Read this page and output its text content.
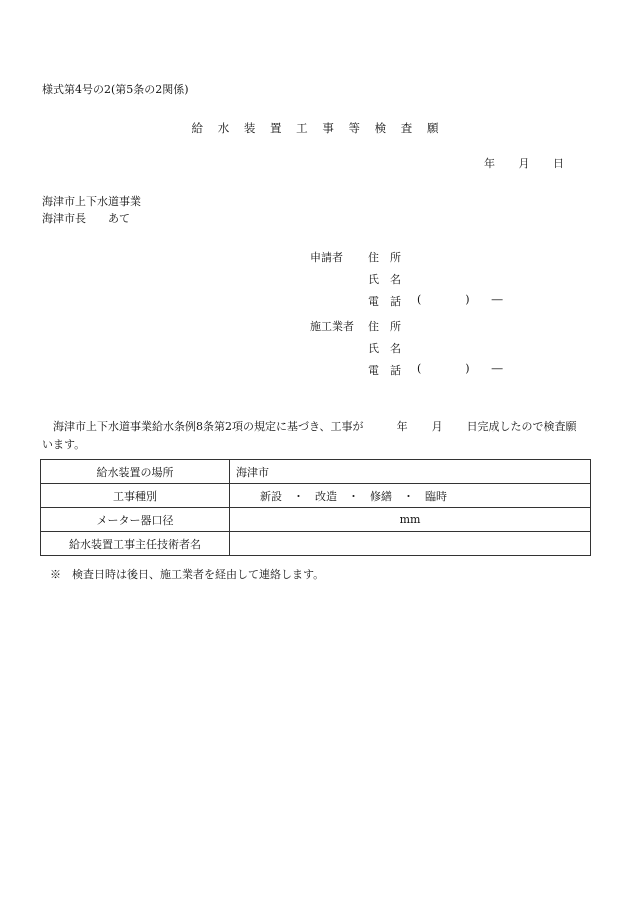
様式第4号の2(第5条の2関係)
給 水 装 置 工 事 等 検 査 願
年 月 日
海津市上下水道事業
海津市長 あて
申請者 住　所
氏　名
電　話 (	) ―
施工業者 住　所
氏　名
電　話 (	) ―
海津市上下水道事業給水条例8条第2項の規定に基づき、工事が	年 月 日完成したので検査願います。
給水装置の場所	海津市
工事種別	新設　・　改造　・　修繕　・　臨時
メーター器口径	mm
給水装置工事主任技術者名	
※　検査日時は後日、施工業者を経由して連絡します。
